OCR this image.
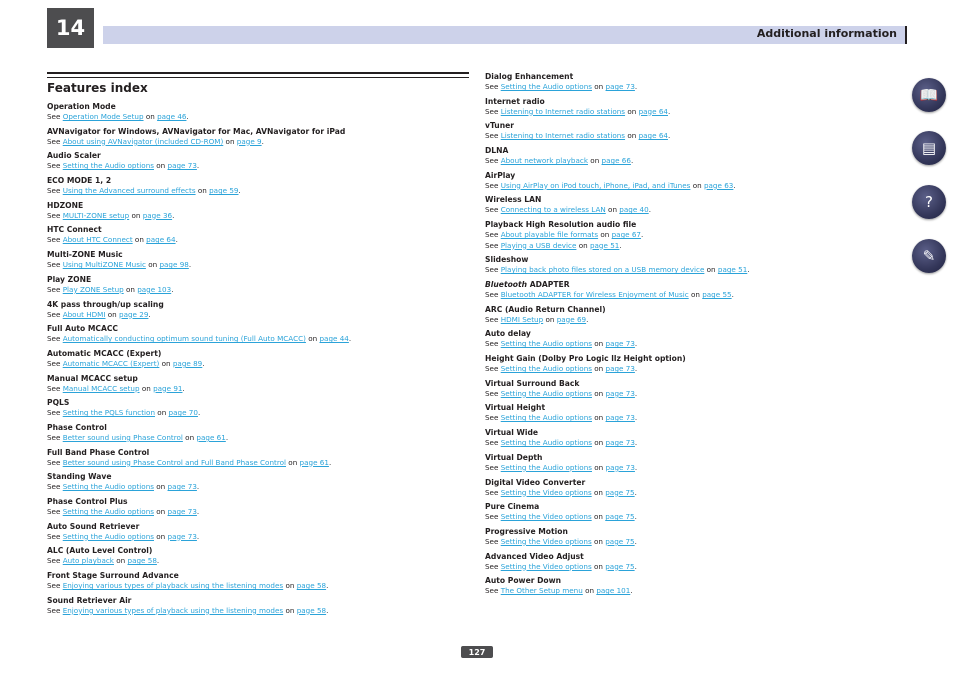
14	Additional information
Features index
Operation Mode
See Operation Mode Setup on page 46.
AVNavigator for Windows, AVNavigator for Mac, AVNavigator for iPad
See About using AVNavigator (included CD-ROM) on page 9.
Audio Scaler
See Setting the Audio options on page 73.
ECO MODE 1, 2
See Using the Advanced surround effects on page 59.
HDZONE
See MULTI-ZONE setup on page 36.
HTC Connect
See About HTC Connect on page 64.
Multi-ZONE Music
See Using MultiZONE Music on page 98.
Play ZONE
See Play ZONE Setup on page 103.
4K pass through/up scaling
See About HDMI on page 29.
Full Auto MCACC
See Automatically conducting optimum sound tuning (Full Auto MCACC) on page 44.
Automatic MCACC (Expert)
See Automatic MCACC (Expert) on page 89.
Manual MCACC setup
See Manual MCACC setup on page 91.
PQLS
See Setting the PQLS function on page 70.
Phase Control
See Better sound using Phase Control on page 61.
Full Band Phase Control
See Better sound using Phase Control and Full Band Phase Control on page 61.
Standing Wave
See Setting the Audio options on page 73.
Phase Control Plus
See Setting the Audio options on page 73.
Auto Sound Retriever
See Setting the Audio options on page 73.
ALC (Auto Level Control)
See Auto playback on page 58.
Front Stage Surround Advance
See Enjoying various types of playback using the listening modes on page 58.
Sound Retriever Air
See Enjoying various types of playback using the listening modes on page 58.
Dialog Enhancement
See Setting the Audio options on page 73.
Internet radio
See Listening to Internet radio stations on page 64.
vTuner
See Listening to Internet radio stations on page 64.
DLNA
See About network playback on page 66.
AirPlay
See Using AirPlay on iPod touch, iPhone, iPad, and iTunes on page 63.
Wireless LAN
See Connecting to a wireless LAN on page 40.
Playback High Resolution audio file
See About playable file formats on page 67.
See Playing a USB device on page 51.
Slideshow
See Playing back photo files stored on a USB memory device on page 51.
Bluetooth ADAPTER
See Bluetooth ADAPTER for Wireless Enjoyment of Music on page 55.
ARC (Audio Return Channel)
See HDMI Setup on page 69.
Auto delay
See Setting the Audio options on page 73.
Height Gain (Dolby Pro Logic llz Height option)
See Setting the Audio options on page 73.
Virtual Surround Back
See Setting the Audio options on page 73.
Virtual Height
See Setting the Audio options on page 73.
Virtual Wide
See Setting the Audio options on page 73.
Virtual Depth
See Setting the Audio options on page 73.
Digital Video Converter
See Setting the Video options on page 75.
Pure Cinema
See Setting the Video options on page 75.
Progressive Motion
See Setting the Video options on page 75.
Advanced Video Adjust
See Setting the Video options on page 75.
Auto Power Down
See The Other Setup menu on page 101.
📖
▤
?
✎
127
